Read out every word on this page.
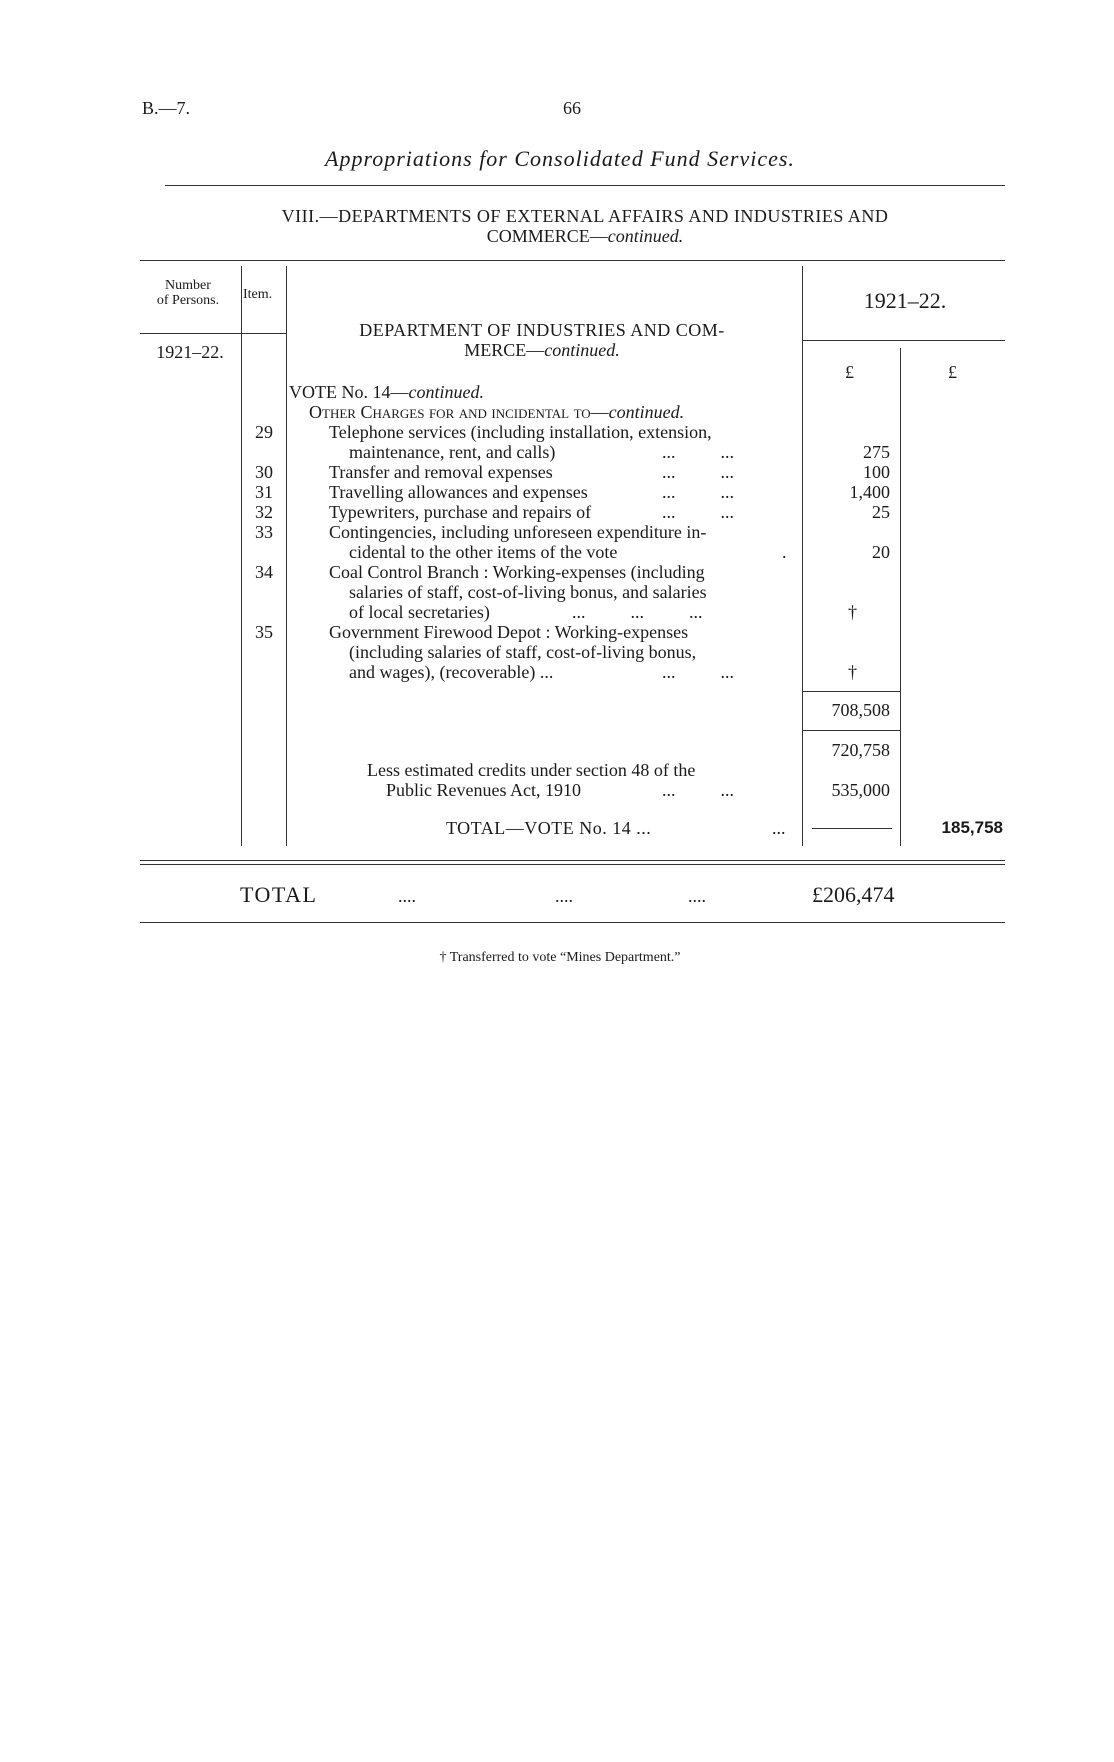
B.—7.	66
Appropriations for Consolidated Fund Services.
VIII.—DEPARTMENTS OF EXTERNAL AFFAIRS AND INDUSTRIES AND
COMMERCE—continued.
Number
of Persons.	Item.	1921–22.
1921–22.
DEPARTMENT OF INDUSTRIES AND COM-
MERCE—continued.
£	£
VOTE No. 14—continued.
Other Charges for and incidental to—continued.
29	Telephone services (including installation, extension,
maintenance, rent, and calls)	...          ...	275
30	Transfer and removal expenses	...          ...	100
31	Travelling allowances and expenses	...          ...	1,400
32	Typewriters, purchase and repairs of	...          ...	25
33	Contingencies, including unforeseen expenditure in-
cidental to the other items of the vote	.	20
34	Coal Control Branch : Working-expenses (including
salaries of staff, cost-of-living bonus, and salaries
of local secretaries)	...          ...          ...	†
35	Government Firewood Depot : Working-expenses
(including salaries of staff, cost-of-living bonus,
and wages), (recoverable) ...	...          ...	†
708,508
720,758
Less estimated credits under section 48 of the
Public Revenues Act, 1910	...          ...	535,000
TOTAL—VOTE No. 14 ...	...	185,758
TOTAL	....	....	....	£206,474
† Transferred to vote “Mines Department.”
